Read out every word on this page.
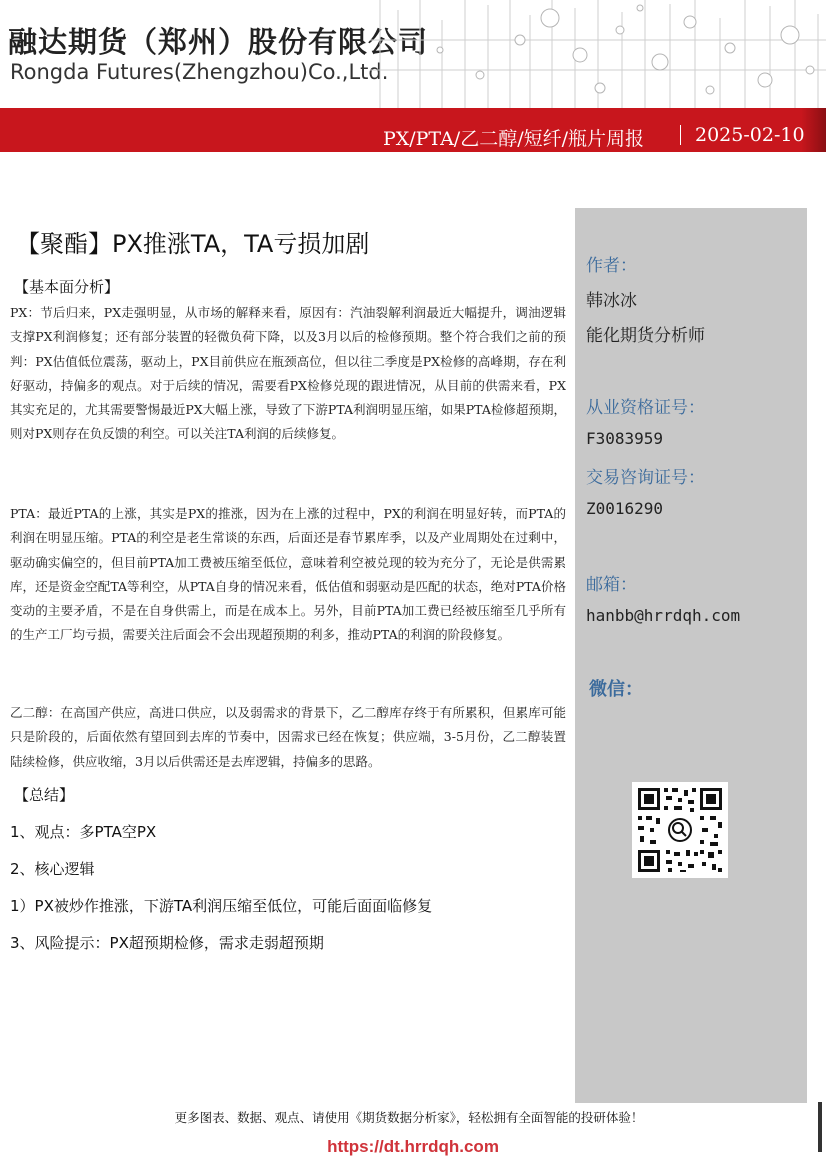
融达期货（郑州）股份有限公司
Rongda Futures(Zhengzhou)Co.,Ltd.
PX/PTA/乙二醇/短纤/瓶片周报	2025-02-10
【聚酯】PX推涨TA，TA亏损加剧
【基本面分析】
PX：节后归来，PX走强明显，从市场的解释来看，原因有：汽油裂解利润最近大幅提升，调油逻辑支撑PX利润修复；还有部分装置的轻微负荷下降，以及3月以后的检修预期。整个符合我们之前的预判：PX估值低位震荡，驱动上，PX目前供应在瓶颈高位，但以往二季度是PX检修的高峰期，存在利好驱动，持偏多的观点。对于后续的情况，需要看PX检修兑现的跟进情况，从目前的供需来看，PX其实充足的，尤其需要警惕最近PX大幅上涨，导致了下游PTA利润明显压缩，如果PTA检修超预期，则对PX则存在负反馈的利空。可以关注TA利润的后续修复。
PTA：最近PTA的上涨，其实是PX的推涨，因为在上涨的过程中，PX的利润在明显好转，而PTA的利润在明显压缩。PTA的利空是老生常谈的东西，后面还是春节累库季，以及产业周期处在过剩中，驱动确实偏空的，但目前PTA加工费被压缩至低位，意味着利空被兑现的较为充分了，无论是供需累库，还是资金空配TA等利空，从PTA自身的情况来看，低估值和弱驱动是匹配的状态，绝对PTA价格变动的主要矛盾，不是在自身供需上，而是在成本上。另外，目前PTA加工费已经被压缩至几乎所有的生产工厂均亏损，需要关注后面会不会出现超预期的利多，推动PTA的利润的阶段修复。
乙二醇：在高国产供应，高进口供应，以及弱需求的背景下，乙二醇库存终于有所累积，但累库可能只是阶段的，后面依然有望回到去库的节奏中，因需求已经在恢复；供应端，3-5月份，乙二醇装置陆续检修，供应收缩，3月以后供需还是去库逻辑，持偏多的思路。
【总结】
1、观点：多PTA空PX
2、核心逻辑
1）PX被炒作推涨，下游TA利润压缩至低位，可能后面面临修复
3、风险提示：PX超预期检修，需求走弱超预期
作者：
韩冰冰
能化期货分析师
从业资格证号：
F3083959
交易咨询证号：
Z0016290
邮箱：
hanbb@hrrdqh.com
微信：
更多图表、数据、观点、请使用《期货数据分析家》，轻松拥有全面智能的投研体验！
https://dt.hrrdqh.com
